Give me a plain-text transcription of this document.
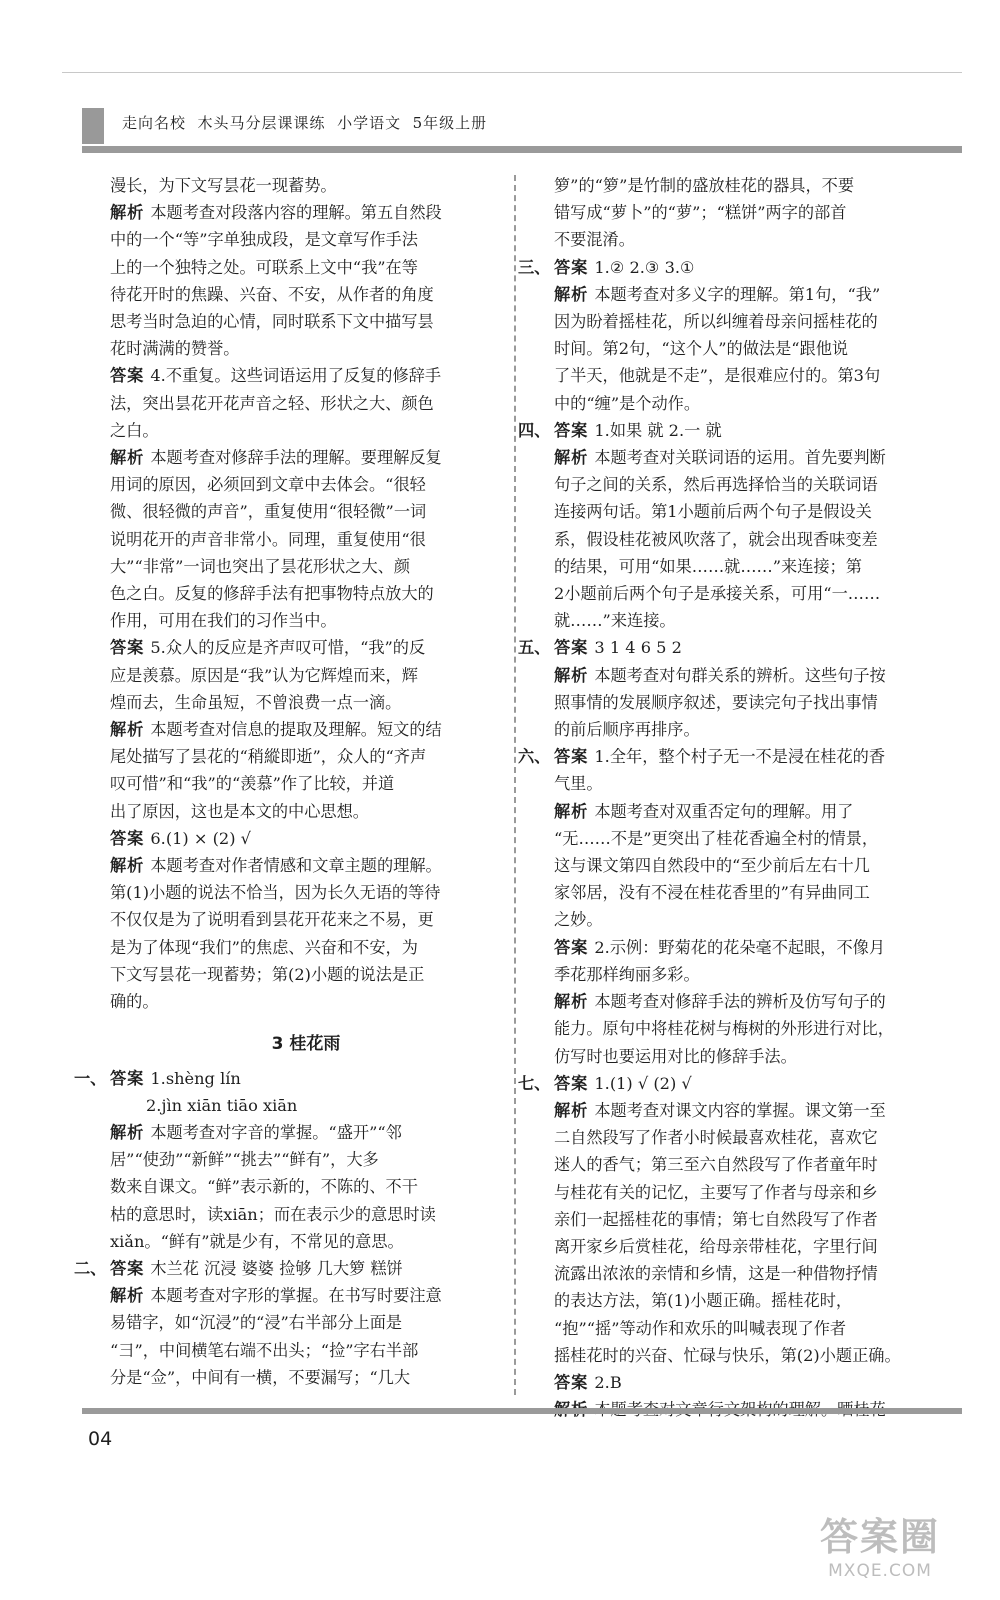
走向名校  木头马分层课课练  小学语文  5年级上册

漫长，为下文写昙花一现蓄势。

解析 本题考查对段落内容的理解。第五自然段

中的一个“等”字单独成段，是文章写作手法

上的一个独特之处。可联系上文中“我”在等

待花开时的焦躁、兴奋、不安，从作者的角度

思考当时急迫的心情，同时联系下文中描写昙

花时满满的赞誉。

答案 4.不重复。这些词语运用了反复的修辞手

法，突出昙花开花声音之轻、形状之大、颜色

之白。

解析 本题考查对修辞手法的理解。要理解反复

用词的原因，必须回到文章中去体会。“很轻

微、很轻微的声音”，重复使用“很轻微”一词

说明花开的声音非常小。同理，重复使用“很

大”“非常”一词也突出了昙花形状之大、颜

色之白。反复的修辞手法有把事物特点放大的

作用，可用在我们的习作当中。

答案 5.众人的反应是齐声叹可惜，“我”的反

应是羡慕。原因是“我”认为它辉煌而来，辉

煌而去，生命虽短，不曾浪费一点一滴。

解析 本题考查对信息的提取及理解。短文的结

尾处描写了昙花的“稍縱即逝”，众人的“齐声

叹可惜”和“我”的“羡慕”作了比较，并道

出了原因，这也是本文的中心思想。

答案 6.(1) × (2) √

解析 本题考查对作者情感和文章主题的理解。

第(1)小题的说法不恰当，因为长久无语的等待

不仅仅是为了说明看到昙花开花来之不易，更

是为了体现“我们”的焦虑、兴奋和不安，为

下文写昙花一现蓄势；第(2)小题的说法是正

确的。

3 桂花雨

一、 答案 1.shèng lín

2.jìn xiān tiāo xiān

解析 本题考查对字音的掌握。“盛开”“邻

居”“使劲”“新鲜”“挑去”“鲜有”，大多

数来自课文。“鲜”表示新的，不陈的、不干

枯的意思时，读xiān；而在表示少的意思时读

xiǎn。“鲜有”就是少有，不常见的意思。

二、 答案 木兰花 沉浸 婆婆 捡够 几大箩 糕饼

解析 本题考查对字形的掌握。在书写时要注意

易错字，如“沉浸”的“浸”右半部分上面是

“彐”，中间横笔右端不出头；“捡”字右半部

分是“佥”，中间有一横，不要漏写；“几大

箩”的“箩”是竹制的盛放桂花的器具，不要

错写成“萝卜”的“萝”；“糕饼”两字的部首

不要混淆。

三、 答案 1.② 2.③ 3.①

解析 本题考查对多义字的理解。第1句，“我”

因为盼着摇桂花，所以纠缠着母亲问摇桂花的

时间。第2句，“这个人”的做法是“跟他说

了半天，他就是不走”，是很难应付的。第3句

中的“缠”是个动作。

四、 答案 1.如果 就 2.一 就

解析 本题考查对关联词语的运用。首先要判断

句子之间的关系，然后再选择恰当的关联词语

连接两句话。第1小题前后两个句子是假设关

系，假设桂花被风吹落了，就会出现香味变差

的结果，可用“如果……就……”来连接；第

2小题前后两个句子是承接关系，可用“一……

就……”来连接。

五、 答案 3 1 4 6 5 2

解析 本题考查对句群关系的辨析。这些句子按

照事情的发展顺序叙述，要读完句子找出事情

的前后顺序再排序。

六、 答案 1.全年，整个村子无一不是浸在桂花的香

气里。

解析 本题考查对双重否定句的理解。用了

“无……不是”更突出了桂花香遍全村的情景，

这与课文第四自然段中的“至少前后左右十几

家邻居，没有不浸在桂花香里的”有异曲同工

之妙。

答案 2.示例：野菊花的花朵毫不起眼，不像月

季花那样绚丽多彩。

解析 本题考查对修辞手法的辨析及仿写句子的

能力。原句中将桂花树与梅树的外形进行对比，

仿写时也要运用对比的修辞手法。

七、 答案 1.(1) √ (2) √

解析 本题考查对课文内容的掌握。课文第一至

二自然段写了作者小时候最喜欢桂花，喜欢它

迷人的香气；第三至六自然段写了作者童年时

与桂花有关的记忆，主要写了作者与母亲和乡

亲们一起摇桂花的事情；第七自然段写了作者

离开家乡后赏桂花，给母亲带桂花，字里行间

流露出浓浓的亲情和乡情，这是一种借物抒情

的表达方法，第(1)小题正确。摇桂花时，

“抱”“摇”等动作和欢乐的叫喊表现了作者

摇桂花时的兴奋、忙碌与快乐，第(2)小题正确。

答案 2.B

04
答案圈
MXQE.COM
